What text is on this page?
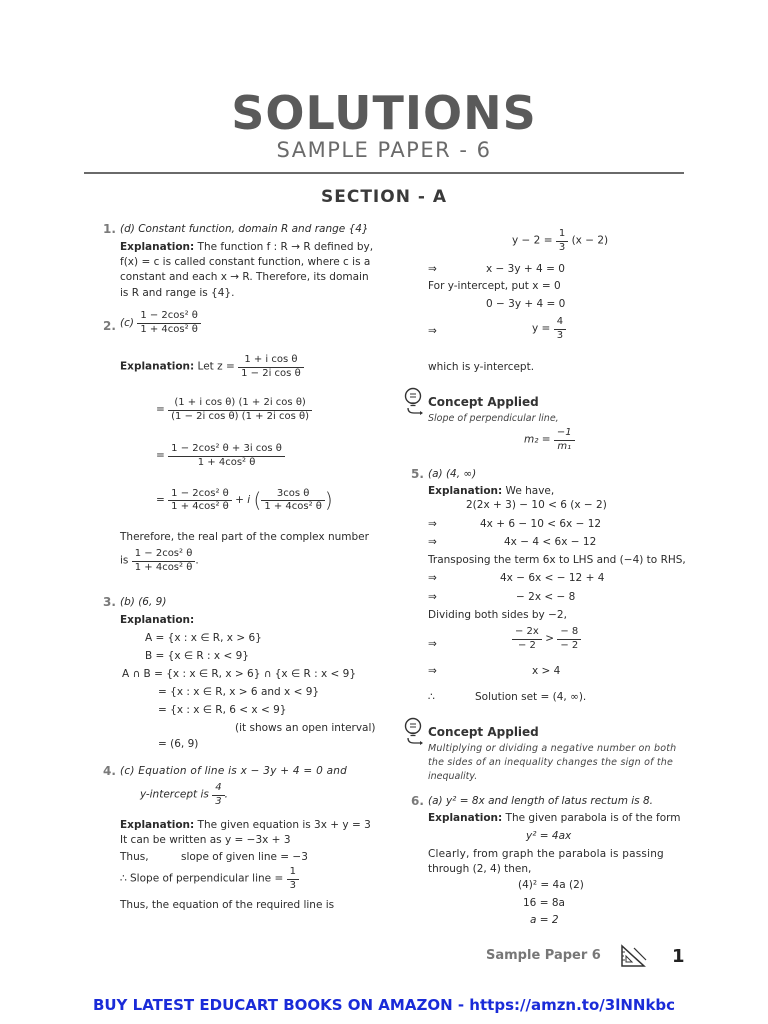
SOLUTIONS
SAMPLE PAPER - 6
SECTION - A
1. (d) Constant function, domain R and range {4}
Explanation: The function f : R → R defined by,
f(x) = c is called constant function, where c is a
constant and each x → R. Therefore, its domain
is R and range is {4}.
2. $(c) \frac{\text{1 − 2cos² θ}}{\text{1 + 4cos² θ}}$
Explanation: Let $z = \frac{\text{1 + i cos θ}}{\text{1 − 2i cos θ}}$
= $\frac{\text{(1 + i cos θ) (1 + 2i cos θ)}}{\text{(1 − 2i cos θ) (1 + 2i cos θ)}}$
= $\frac{\text{1 − 2cos² θ + 3i cos θ}}{\text{1 + 4cos² θ}}$
= $\frac{\text{1 − 2cos² θ}}{\text{1 + 4cos² θ}} + i$ ( $\frac{\text{3cos θ}}{\text{1 + 4cos² θ}}$ )
Therefore, the real part of the complex number
is $\frac{\text{1 − 2cos² θ}}{\text{1 + 4cos² θ}}$ .
3. (b) (6, 9)
Explanation:
A = {x : x ∈ R, x > 6}
B = {x ∈ R : x < 9}
A ∩ B = {x : x ∈ R, x > 6} ∩ {x ∈ R : x < 9}
= {x : x ∈ R, x > 6 and x < 9}
= {x : x ∈ R, 6 < x < 9}
(it shows an open interval)
= (6, 9)
4. (c) Equation of line is x − 3y + 4 = 0 and
y-intercept is $\frac{4}{3}$ .
Explanation: The given equation is 3x + y = 3
It can be written as y = −3x + 3
Thus,	slope of given line = −3
∴ Slope of perpendicular line = $\frac{1}{3}$
Thus, the equation of the required line is
$y - 2 = \frac{1}{3} (x - 2)$
⇒	x − 3y + 4 = 0
For y-intercept, put x = 0
0 − 3y + 4 = 0
⇒	$y = \frac{4}{3}$
which is y-intercept.
Concept Applied
Slope of perpendicular line,
$m_2 = \frac{-1}{\text{m₁}}$
5. (a) (4, ∞)
Explanation: We have,
2(2x + 3) − 10 < 6 (x − 2)
⇒	4x + 6 − 10 < 6x − 12
⇒	4x − 4 < 6x − 12
Transposing the term 6x to LHS and (−4) to RHS,
⇒	4x − 6x < − 12 + 4
⇒	− 2x < − 8
Dividing both sides by −2,
⇒	$\frac{- 2x}{- 2} > \frac{- 8}{- 2}$
⇒	x > 4
∴	Solution set = (4, ∞).
Concept Applied
Multiplying or dividing a negative number on both
the sides of an inequality changes the sign of the
inequality.
6. (a) y² = 8x and length of latus rectum is 8.
Explanation: The given parabola is of the form
y² = 4ax
Clearly, from graph the parabola is passing
through (2, 4) then,
(4)² = 4a (2)
16 = 8a
a = 2
Sample Paper 6	1
BUY LATEST EDUCART BOOKS ON AMAZON - https://amzn.to/3lNNkbc
